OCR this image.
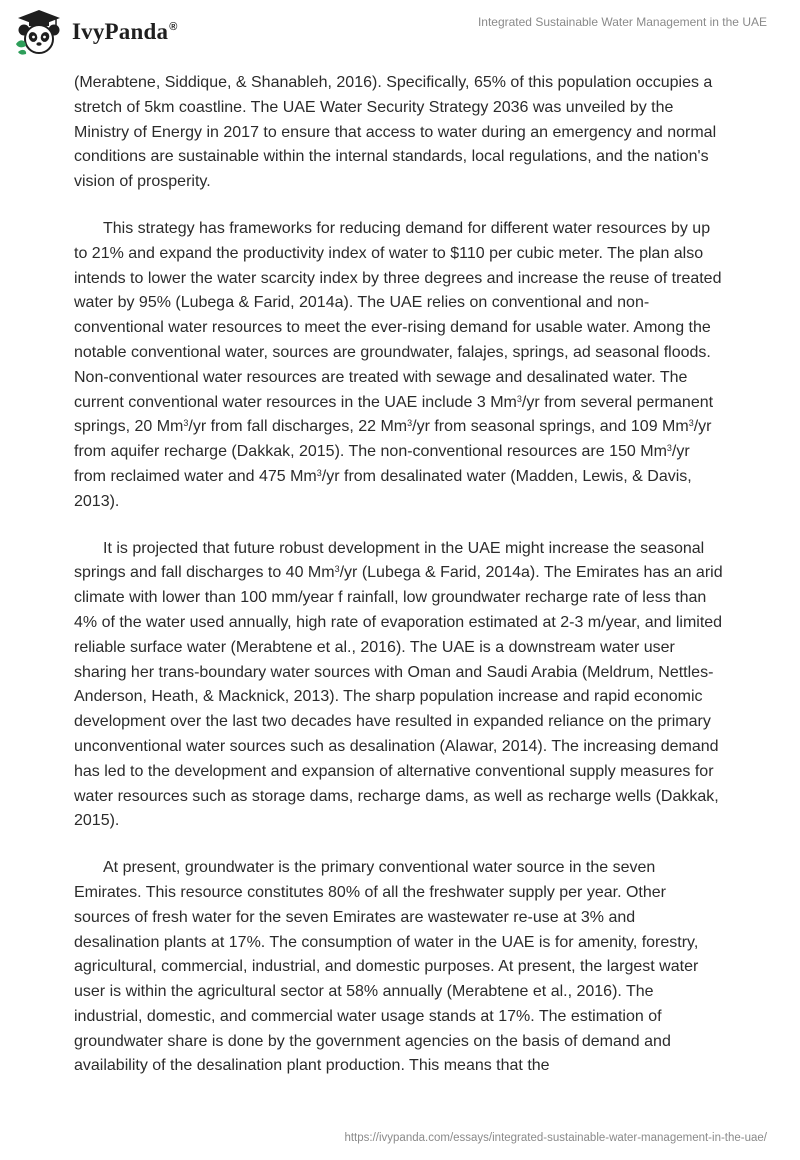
IvyPanda®	Integrated Sustainable Water Management in the UAE

(Merabtene, Siddique, & Shanableh, 2016). Specifically, 65% of this population occupies a stretch of 5km coastline. The UAE Water Security Strategy 2036 was unveiled by the Ministry of Energy in 2017 to ensure that access to water during an emergency and normal conditions are sustainable within the internal standards, local regulations, and the nation's vision of prosperity.

This strategy has frameworks for reducing demand for different water resources by up to 21% and expand the productivity index of water to $110 per cubic meter. The plan also intends to lower the water scarcity index by three degrees and increase the reuse of treated water by 95% (Lubega & Farid, 2014a). The UAE relies on conventional and non-conventional water resources to meet the ever-rising demand for usable water. Among the notable conventional water, sources are groundwater, falajes, springs, ad seasonal floods. Non-conventional water resources are treated with sewage and desalinated water. The current conventional water resources in the UAE include 3 Mm$^3$/yr from several permanent springs, 20 Mm$^3$/yr from fall discharges, 22 Mm$^3$/yr from seasonal springs, and 109 Mm$^3$/yr from aquifer recharge (Dakkak, 2015). The non-conventional resources are 150 Mm$^3$/yr from reclaimed water and 475 Mm$^3$/yr from desalinated water (Madden, Lewis, & Davis, 2013).

It is projected that future robust development in the UAE might increase the seasonal springs and fall discharges to 40 Mm$^3$/yr (Lubega & Farid, 2014a). The Emirates has an arid climate with lower than 100 mm/year f rainfall, low groundwater recharge rate of less than 4% of the water used annually, high rate of evaporation estimated at 2-3 m/year, and limited reliable surface water (Merabtene et al., 2016). The UAE is a downstream water user sharing her trans-boundary water sources with Oman and Saudi Arabia (Meldrum, Nettles-Anderson, Heath, & Macknick, 2013). The sharp population increase and rapid economic development over the last two decades have resulted in expanded reliance on the primary unconventional water sources such as desalination (Alawar, 2014). The increasing demand has led to the development and expansion of alternative conventional supply measures for water resources such as storage dams, recharge dams, as well as recharge wells (Dakkak, 2015).

At present, groundwater is the primary conventional water source in the seven Emirates. This resource constitutes 80% of all the freshwater supply per year. Other sources of fresh water for the seven Emirates are wastewater re-use at 3% and desalination plants at 17%. The consumption of water in the UAE is for amenity, forestry, agricultural, commercial, industrial, and domestic purposes. At present, the largest water user is within the agricultural sector at 58% annually (Merabtene et al., 2016). The industrial, domestic, and commercial water usage stands at 17%. The estimation of groundwater share is done by the government agencies on the basis of demand and availability of the desalination plant production. This means that the

https://ivypanda.com/essays/integrated-sustainable-water-management-in-the-uae/
